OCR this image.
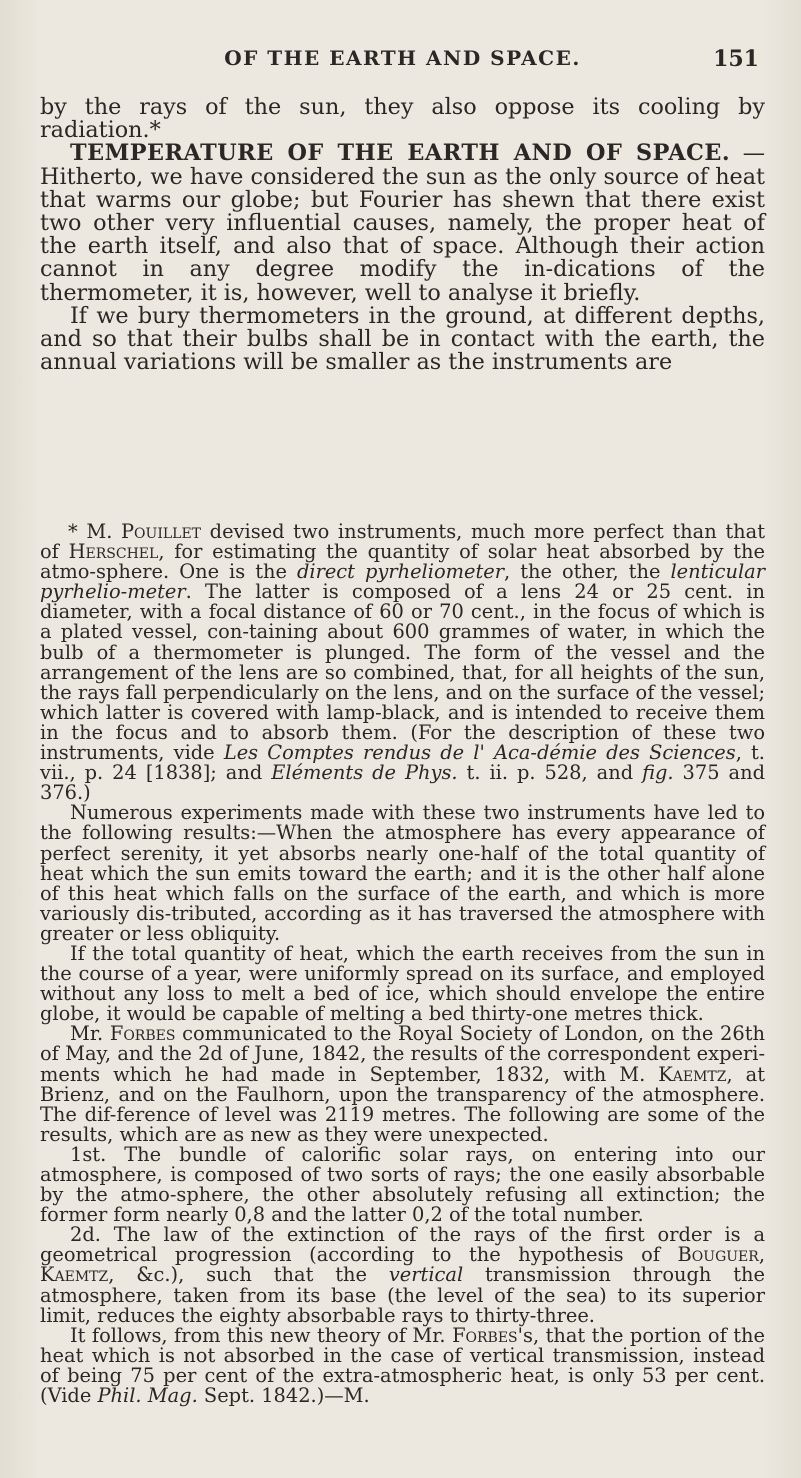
OF THE EARTH AND SPACE.	151

by the rays of the sun, they also oppose its cooling by radiation.*

TEMPERATURE OF THE EARTH AND OF SPACE. —Hitherto, we have considered the sun as the only source of heat that warms our globe; but Fourier has shewn that there exist two other very influential causes, namely, the proper heat of the earth itself, and also that of space. Although their action cannot in any degree modify the in-dications of the thermometer, it is, however, well to analyse it briefly.

If we bury thermometers in the ground, at different depths, and so that their bulbs shall be in contact with the earth, the annual variations will be smaller as the instruments are

* M. Pouillet devised two instruments, much more perfect than that of Herschel, for estimating the quantity of solar heat absorbed by the atmo-sphere. One is the direct pyrheliometer, the other, the lenticular pyrhelio-meter. The latter is composed of a lens 24 or 25 cent. in diameter, with a focal distance of 60 or 70 cent., in the focus of which is a plated vessel, con-taining about 600 grammes of water, in which the bulb of a thermometer is plunged. The form of the vessel and the arrangement of the lens are so combined, that, for all heights of the sun, the rays fall perpendicularly on the lens, and on the surface of the vessel; which latter is covered with lamp-black, and is intended to receive them in the focus and to absorb them. (For the description of these two instruments, vide Les Comptes rendus de l' Aca-démie des Sciences, t. vii., p. 24 [1838]; and Eléments de Phys. t. ii. p. 528, and fig. 375 and 376.)

Numerous experiments made with these two instruments have led to the following results:—When the atmosphere has every appearance of perfect serenity, it yet absorbs nearly one-half of the total quantity of heat which the sun emits toward the earth; and it is the other half alone of this heat which falls on the surface of the earth, and which is more variously dis-tributed, according as it has traversed the atmosphere with greater or less obliquity.

If the total quantity of heat, which the earth receives from the sun in the course of a year, were uniformly spread on its surface, and employed without any loss to melt a bed of ice, which should envelope the entire globe, it would be capable of melting a bed thirty-one metres thick.

Mr. Forbes communicated to the Royal Society of London, on the 26th of May, and the 2d of June, 1842, the results of the correspondent experi-ments which he had made in September, 1832, with M. Kaemtz, at Brienz, and on the Faulhorn, upon the transparency of the atmosphere. The dif-ference of level was 2119 metres. The following are some of the results, which are as new as they were unexpected.

1st. The bundle of calorific solar rays, on entering into our atmosphere, is composed of two sorts of rays; the one easily absorbable by the atmo-sphere, the other absolutely refusing all extinction; the former form nearly 0,8 and the latter 0,2 of the total number.

2d. The law of the extinction of the rays of the first order is a geometrical progression (according to the hypothesis of Bouguer, Kaemtz, &c.), such that the vertical transmission through the atmosphere, taken from its base (the level of the sea) to its superior limit, reduces the eighty absorbable rays to thirty-three.

It follows, from this new theory of Mr. Forbes's, that the portion of the heat which is not absorbed in the case of vertical transmission, instead of being 75 per cent of the extra-atmospheric heat, is only 53 per cent. (Vide Phil. Mag. Sept. 1842.)—M.
